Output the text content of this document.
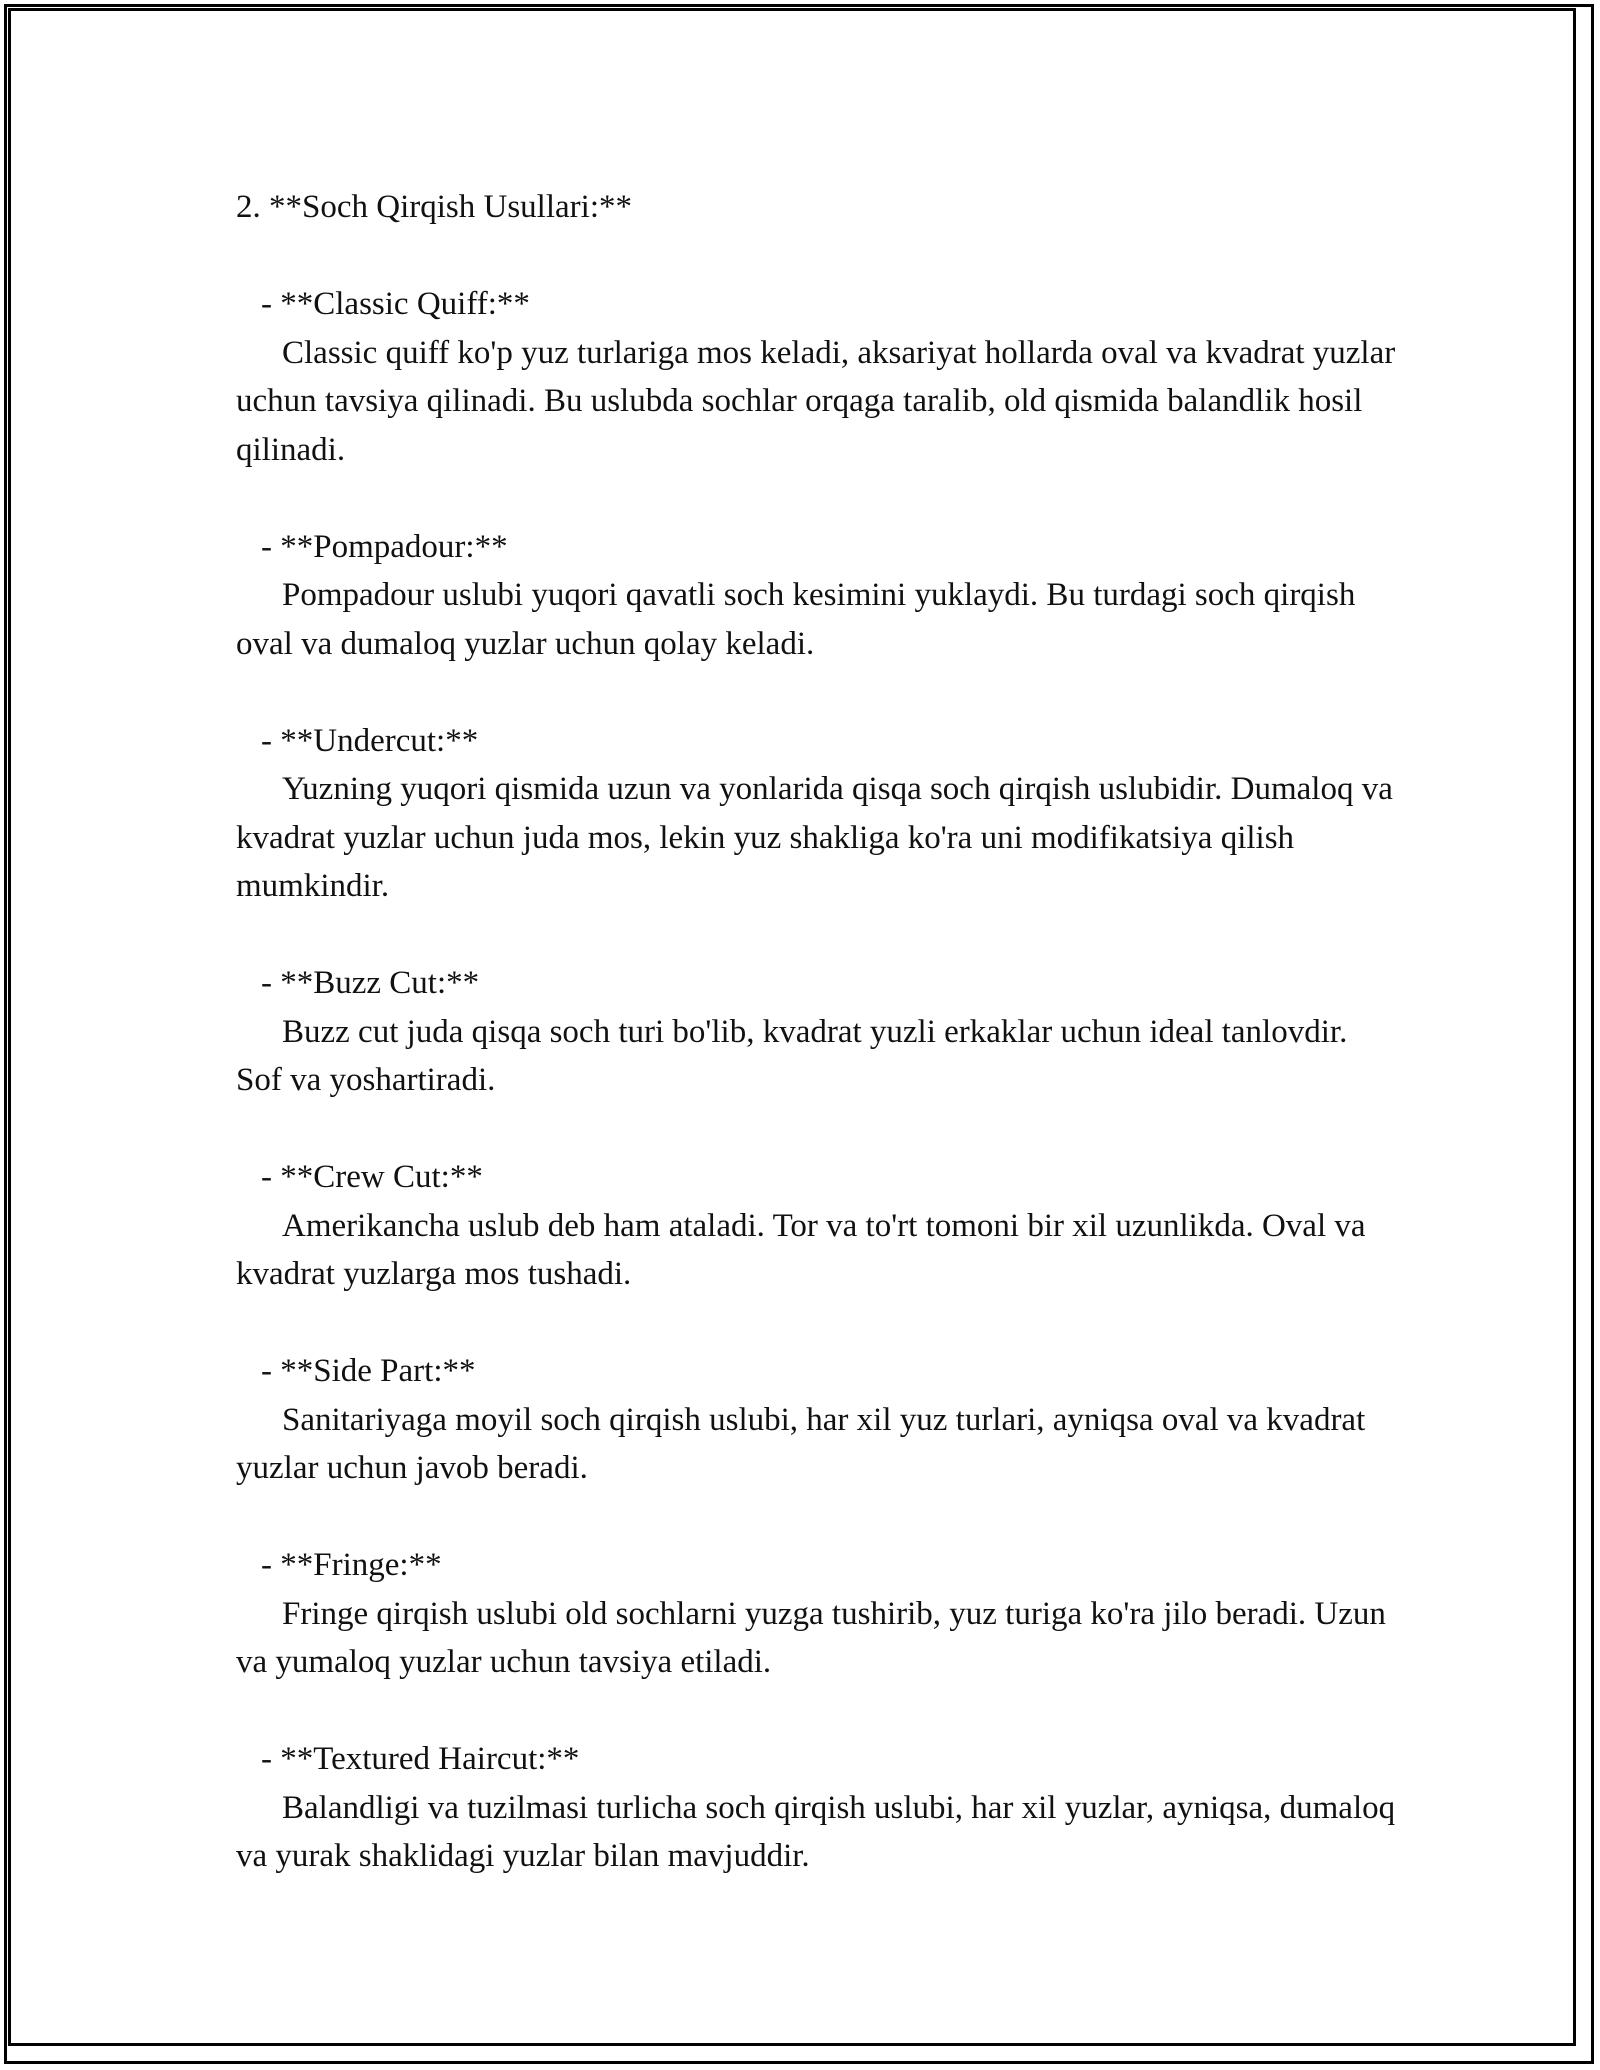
2. **Soch Qirqish Usullari:**
- **Classic Quiff:**

Classic quiff ko'p yuz turlariga mos keladi, aksariyat hollarda oval va kvadrat yuzlar uchun tavsiya qilinadi. Bu uslubda sochlar orqaga taralib, old qismida balandlik hosil qilinadi.

- **Pompadour:**

Pompadour uslubi yuqori qavatli soch kesimini yuklaydi. Bu turdagi soch qirqish oval va dumaloq yuzlar uchun qolay keladi.

- **Undercut:**

Yuzning yuqori qismida uzun va yonlarida qisqa soch qirqish uslubidir. Dumaloq va kvadrat yuzlar uchun juda mos, lekin yuz shakliga ko'ra uni modifikatsiya qilish mumkindir.

- **Buzz Cut:**

Buzz cut juda qisqa soch turi bo'lib, kvadrat yuzli erkaklar uchun ideal tanlovdir. Sof va yoshartiradi.

- **Crew Cut:**

Amerikancha uslub deb ham ataladi. Tor va to'rt tomoni bir xil uzunlikda. Oval va kvadrat yuzlarga mos tushadi.

- **Side Part:**

Sanitariyaga moyil soch qirqish uslubi, har xil yuz turlari, ayniqsa oval va kvadrat yuzlar uchun javob beradi.

- **Fringe:**

Fringe qirqish uslubi old sochlarni yuzga tushirib, yuz turiga ko'ra jilo beradi. Uzun va yumaloq yuzlar uchun tavsiya etiladi.

- **Textured Haircut:**

Balandligi va tuzilmasi turlicha soch qirqish uslubi, har xil yuzlar, ayniqsa, dumaloq va yurak shaklidagi yuzlar bilan mavjuddir.
